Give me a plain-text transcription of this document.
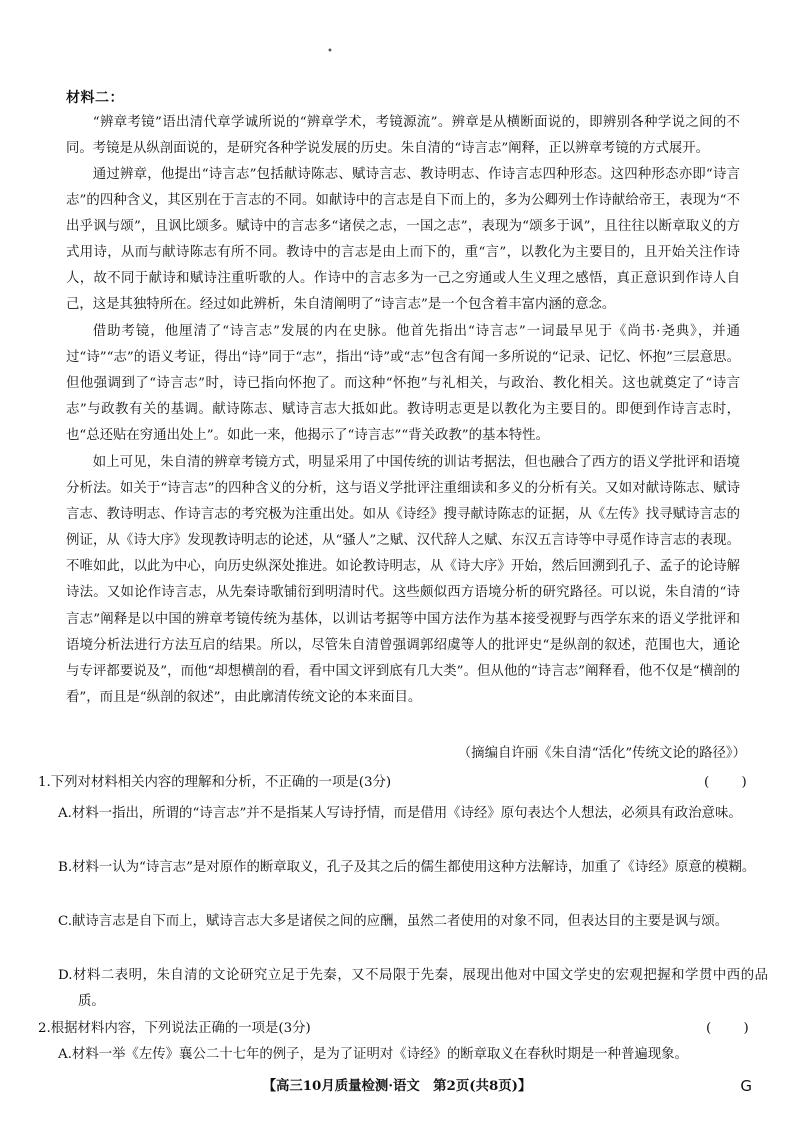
•
材料二：

“辨章考镜”语出清代章学诚所说的“辨章学术，考镜源流”。辨章是从横断面说的，即辨别各种学说之间的不同。考镜是从纵剖面说的，是研究各种学说发展的历史。朱自清的“诗言志”阐释，正以辨章考镜的方式展开。

通过辨章，他提出“诗言志”包括献诗陈志、赋诗言志、教诗明志、作诗言志四种形态。这四种形态亦即“诗言志”的四种含义，其区别在于言志的不同。如献诗中的言志是自下而上的，多为公卿列士作诗献给帝王，表现为“不出乎讽与颂”，且讽比颂多。赋诗中的言志多“诸侯之志，一国之志”，表现为“颂多于讽”，且往往以断章取义的方式用诗，从而与献诗陈志有所不同。教诗中的言志是由上而下的，重“言”，以教化为主要目的，且开始关注作诗人，故不同于献诗和赋诗注重听歌的人。作诗中的言志多为一己之穷通或人生义理之感悟，真正意识到作诗人自己，这是其独特所在。经过如此辨析，朱自清阐明了“诗言志”是一个包含着丰富内涵的意念。

借助考镜，他厘清了“诗言志”发展的内在史脉。他首先指出“诗言志”一词最早见于《尚书·尧典》，并通过“诗”“志”的语义考证，得出“诗”同于“志”，指出“诗”或“志”包含有闻一多所说的“记录、记忆、怀抱”三层意思。但他强调到了“诗言志”时，诗已指向怀抱了。而这种“怀抱”与礼相关，与政治、教化相关。这也就奠定了“诗言志”与政教有关的基调。献诗陈志、赋诗言志大抵如此。教诗明志更是以教化为主要目的。即便到作诗言志时，也“总还贴在穷通出处上”。如此一来，他揭示了“诗言志”“背关政教”的基本特性。

如上可见，朱自清的辨章考镜方式，明显采用了中国传统的训诂考据法，但也融合了西方的语义学批评和语境分析法。如关于“诗言志”的四种含义的分析，这与语义学批评注重细读和多义的分析有关。又如对献诗陈志、赋诗言志、教诗明志、作诗言志的考究极为注重出处。如从《诗经》搜寻献诗陈志的证据，从《左传》找寻赋诗言志的例证，从《诗大序》发现教诗明志的论述，从“骚人”之赋、汉代辞人之赋、东汉五言诗等中寻觅作诗言志的表现。不唯如此，以此为中心，向历史纵深处推进。如论教诗明志，从《诗大序》开始，然后回溯到孔子、孟子的论诗解诗法。又如论作诗言志，从先秦诗歌铺衍到明清时代。这些颇似西方语境分析的研究路径。可以说，朱自清的“诗言志”阐释是以中国的辨章考镜传统为基体，以训诂考据等中国方法作为基本接受视野与西学东来的语义学批评和语境分析法进行方法互启的结果。所以，尽管朱自清曾强调郭绍虞等人的批评史“是纵剖的叙述，范围也大，通论与专评都要说及”，而他“却想横剖的看，看中国文评到底有几大类”。但从他的“诗言志”阐释看，他不仅是“横剖的看”，而且是“纵剖的叙述”，由此廓清传统文论的本来面目。

（摘编自许丽《朱自清“活化”传统文论的路径》）

1.下列对材料相关内容的理解和分析，不正确的一项是(3分)	( )

A.材料一指出，所谓的“诗言志”并不是指某人写诗抒情，而是借用《诗经》原句表达个人想法，必须具有政治意味。

B.材料一认为“诗言志”是对原作的断章取义，孔子及其之后的儒生都使用这种方法解诗，加重了《诗经》原意的模糊。

C.献诗言志是自下而上，赋诗言志大多是诸侯之间的应酬，虽然二者使用的对象不同，但表达目的主要是讽与颂。

D.材料二表明，朱自清的文论研究立足于先秦，又不局限于先秦，展现出他对中国文学史的宏观把握和学贯中西的品质。

2.根据材料内容，下列说法正确的一项是(3分)	( )

A.材料一举《左传》襄公二十七年的例子，是为了证明对《诗经》的断章取义在春秋时期是一种普遍现象。

【高三10月质量检测·语文　第2页(共8页)】	G
